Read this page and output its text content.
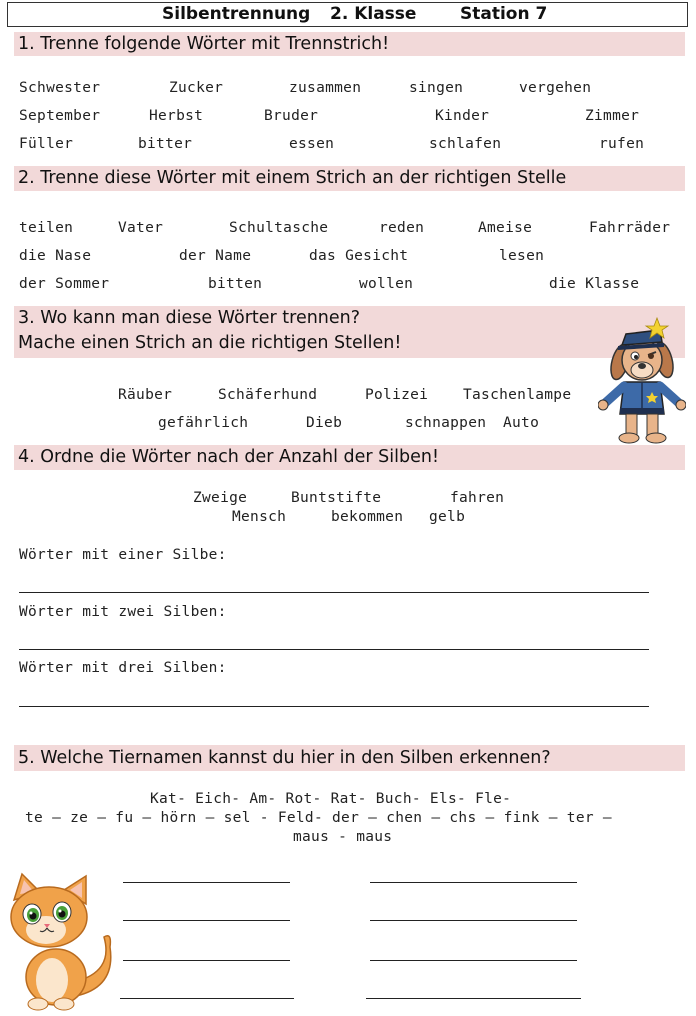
Silbentrennung 2. Klasse	Station 7
1. Trenne folgende Wörter mit Trennstrich!
Schwester	Zucker	zusammen	singen	vergehen
September	Herbst	Bruder	Kinder	Zimmer
Füller	bitter	essen	schlafen	rufen
2. Trenne diese Wörter mit einem Strich an der richtigen Stelle
teilen	Vater	Schultasche	reden	Ameise	Fahrräder
die Nase	der Name	das Gesicht	lesen
der Sommer	bitten	wollen	die Klasse
3. Wo kann man diese Wörter trennen?
Mache einen Strich an die richtigen Stellen!
Räuber	Schäferhund	Polizei Taschenlampe
gefährlich	Dieb	schnappen Auto
4. Ordne die Wörter nach der Anzahl der Silben!
Zweige	Buntstifte	fahren
Mensch	bekommen gelb
Wörter mit einer Silbe:
Wörter mit zwei Silben:
Wörter mit drei Silben:
5. Welche Tiernamen kannst du hier in den Silben erkennen?
Kat- Eich- Am- Rot- Rat- Buch- Els- Fle-
te – ze – fu – hörn – sel - Feld- der – chen – chs – fink – ter –
maus - maus
